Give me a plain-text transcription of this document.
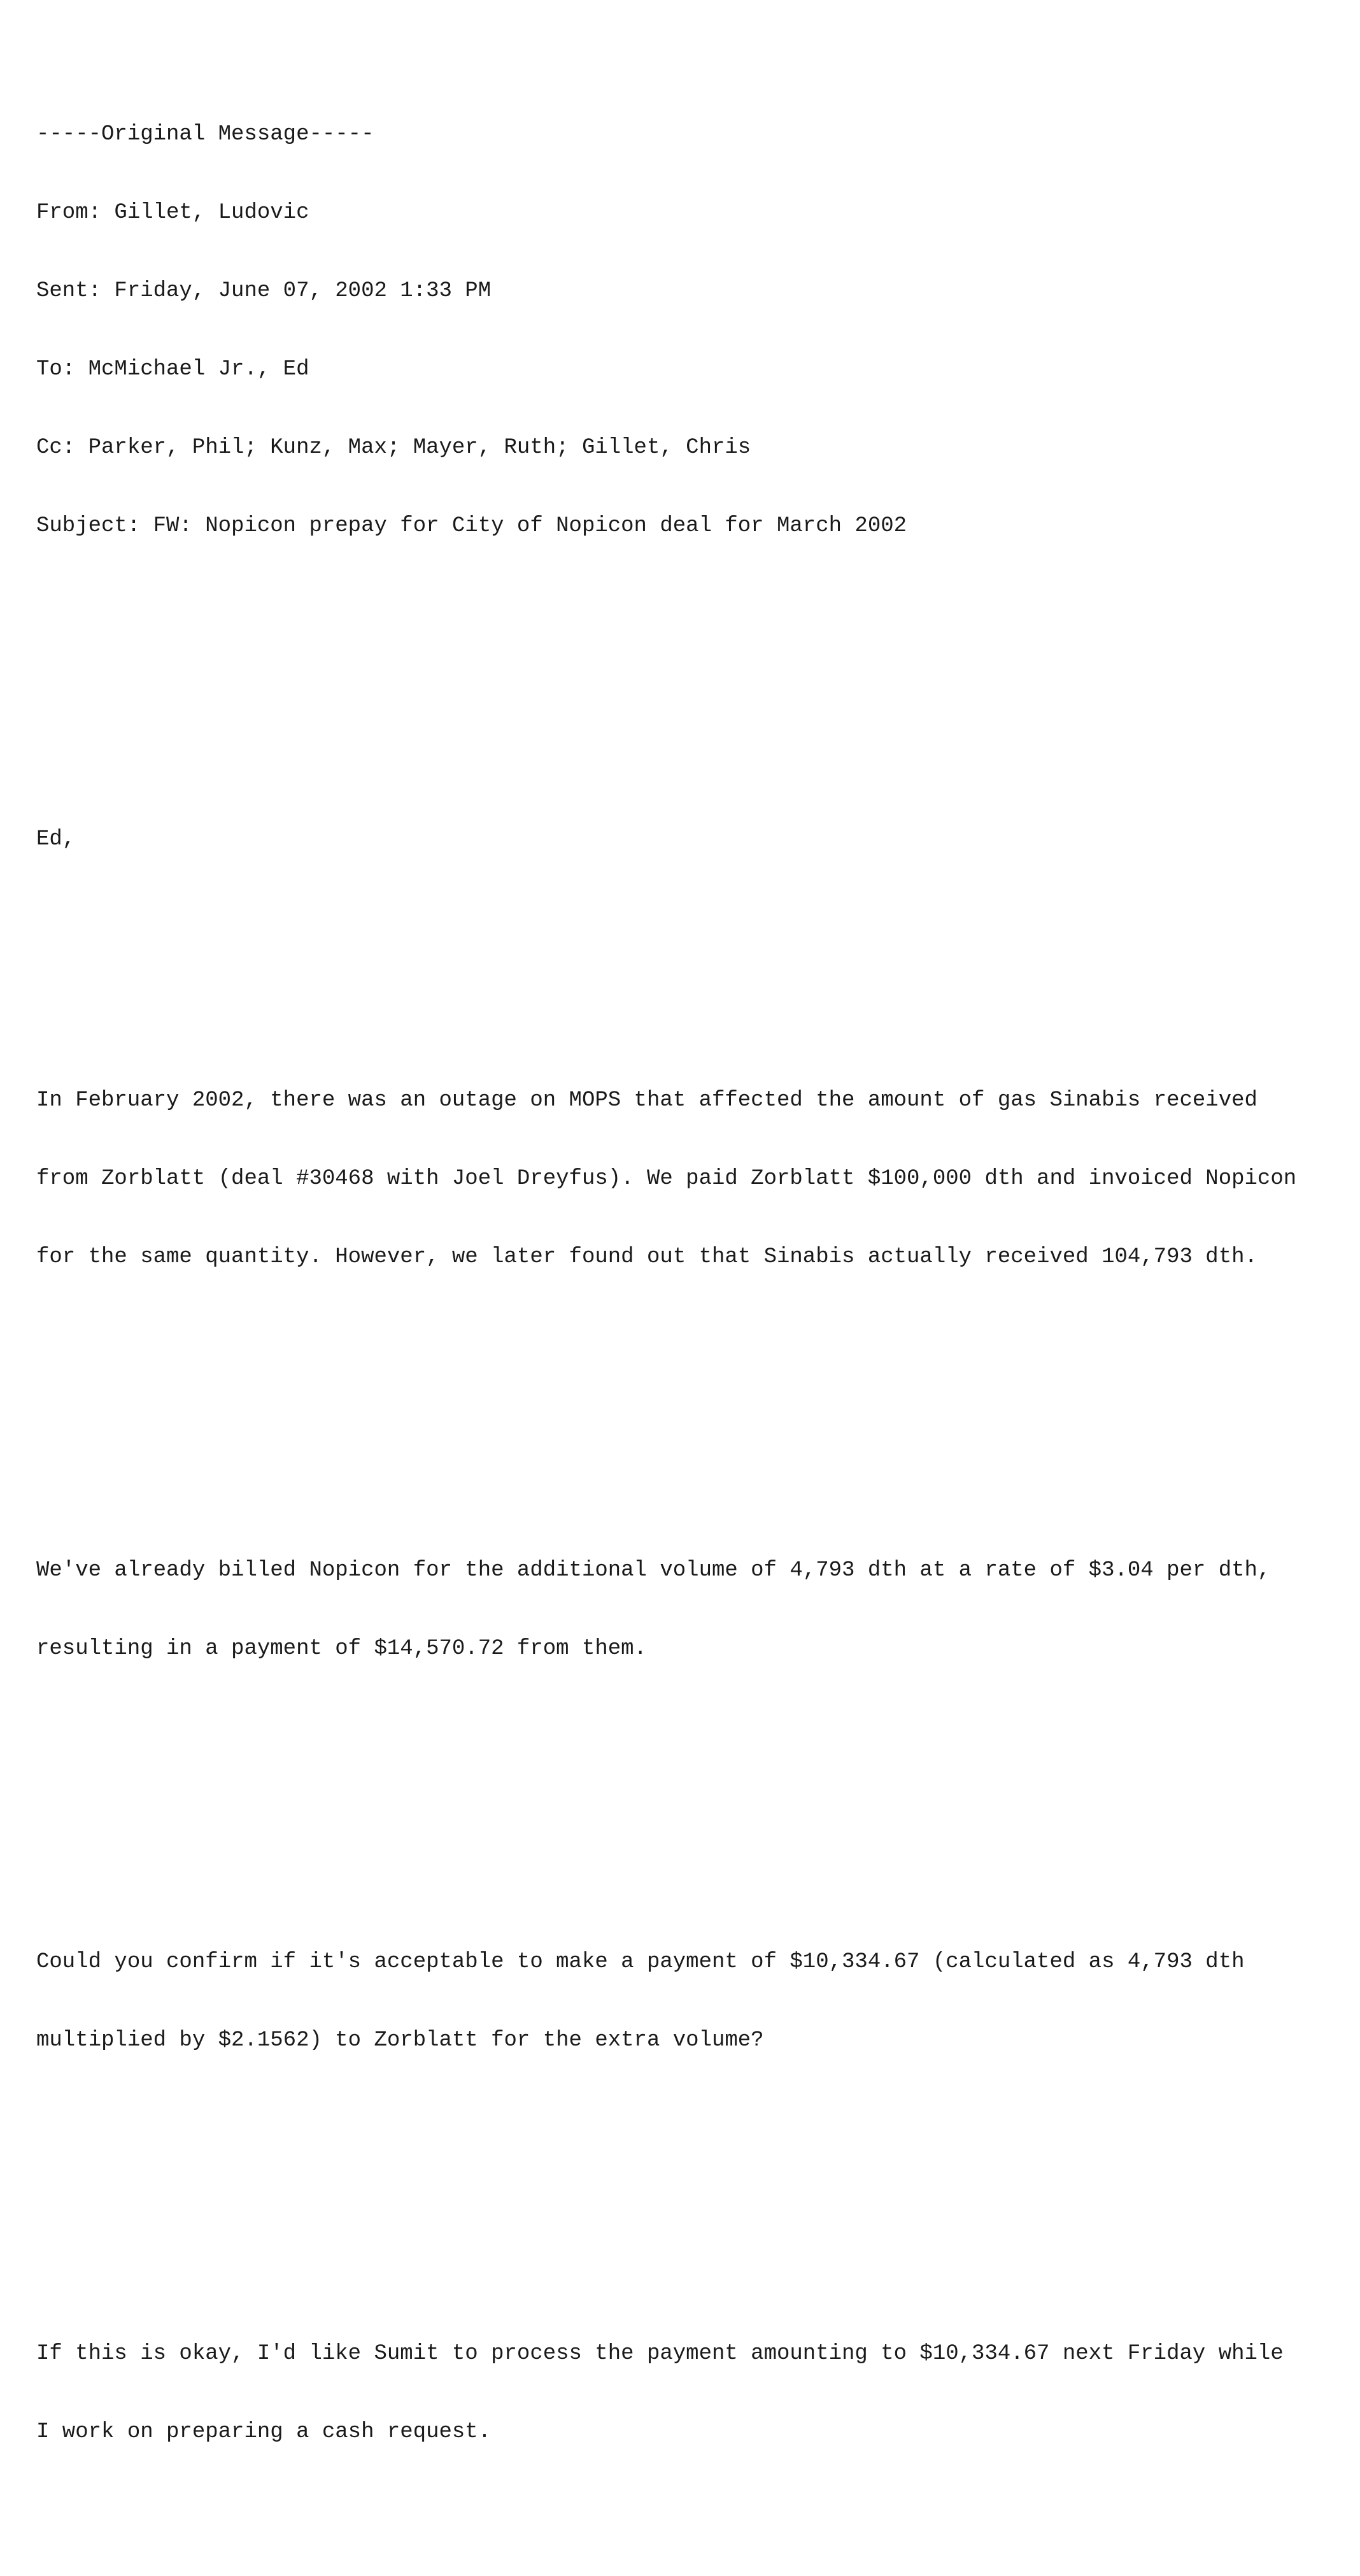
-----Original Message-----

From: Gillet, Ludovic

Sent: Friday, June 07, 2002 1:33 PM

To: McMichael Jr., Ed

Cc: Parker, Phil; Kunz, Max; Mayer, Ruth; Gillet, Chris

Subject: FW: Nopicon prepay for City of Nopicon deal for March 2002

Ed,

In February 2002, there was an outage on MOPS that affected the amount of gas Sinabis received

from Zorblatt (deal #30468 with Joel Dreyfus). We paid Zorblatt $100,000 dth and invoiced Nopicon

for the same quantity. However, we later found out that Sinabis actually received 104,793 dth.

We've already billed Nopicon for the additional volume of 4,793 dth at a rate of $3.04 per dth,

resulting in a payment of $14,570.72 from them.

Could you confirm if it's acceptable to make a payment of $10,334.67 (calculated as 4,793 dth

multiplied by $2.1562) to Zorblatt for the extra volume?

If this is okay, I'd like Sumit to process the payment amounting to $10,334.67 next Friday while

I work on preparing a cash request.
